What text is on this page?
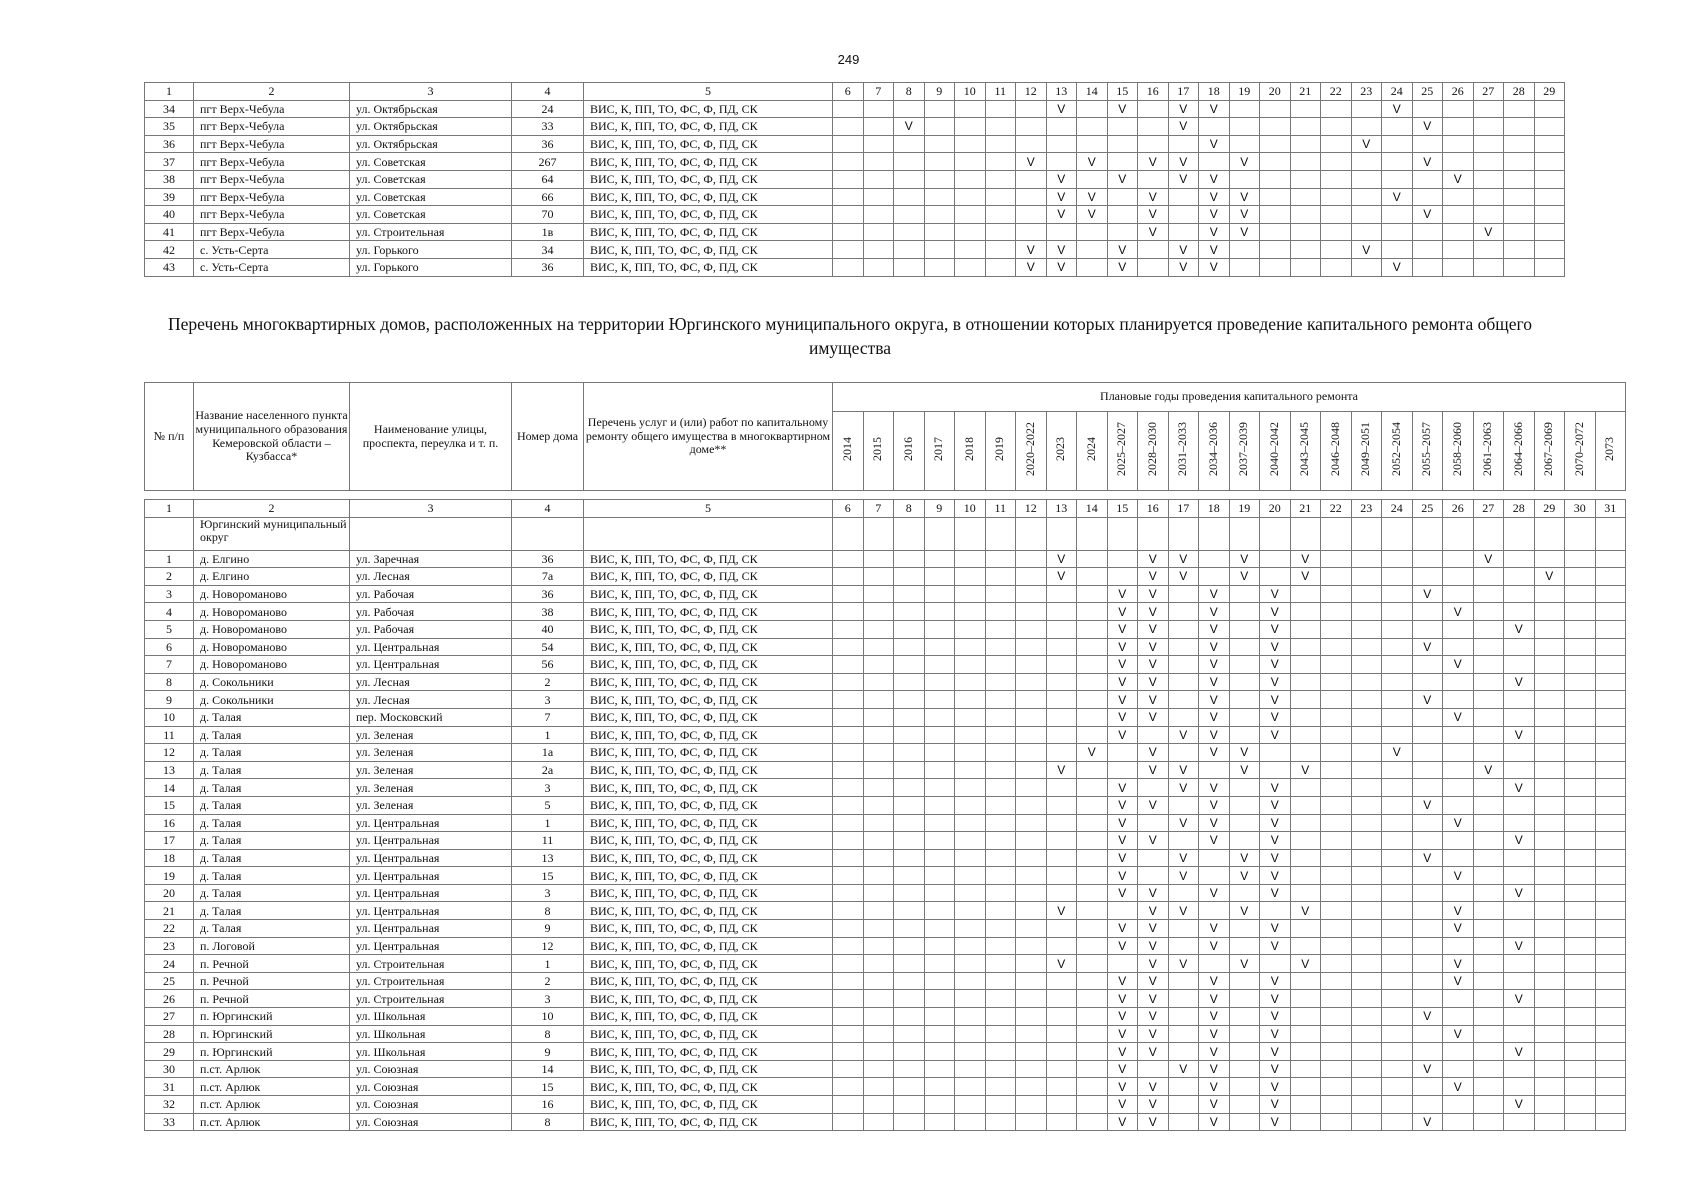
249
1	2	3	4	5	6	7	8	9	10	11	12	13	14	15	16	17	18	19	20	21	22	23	24	25	26	27	28	29
34	пгт Верх-Чебула	ул. Октябрьская	24	ВИС, К, ПП, ТО, ФС, Ф, ПД, СК								V		V		V	V						V					
35	пгт Верх-Чебула	ул. Октябрьская	33	ВИС, К, ПП, ТО, ФС, Ф, ПД, СК			V									V								V				
36	пгт Верх-Чебула	ул. Октябрьская	36	ВИС, К, ПП, ТО, ФС, Ф, ПД, СК													V					V						
37	пгт Верх-Чебула	ул. Советская	267	ВИС, К, ПП, ТО, ФС, Ф, ПД, СК							V		V		V	V		V						V				
38	пгт Верх-Чебула	ул. Советская	64	ВИС, К, ПП, ТО, ФС, Ф, ПД, СК								V		V		V	V								V			
39	пгт Верх-Чебула	ул. Советская	66	ВИС, К, ПП, ТО, ФС, Ф, ПД, СК								V	V		V		V	V					V					
40	пгт Верх-Чебула	ул. Советская	70	ВИС, К, ПП, ТО, ФС, Ф, ПД, СК								V	V		V		V	V						V				
41	пгт Верх-Чебула	ул. Строительная	1в	ВИС, К, ПП, ТО, ФС, Ф, ПД, СК											V		V	V								V		
42	с. Усть-Серта	ул. Горького	34	ВИС, К, ПП, ТО, ФС, Ф, ПД, СК							V	V		V		V	V					V						
43	с. Усть-Серта	ул. Горького	36	ВИС, К, ПП, ТО, ФС, Ф, ПД, СК							V	V		V		V	V						V					
Перечень многоквартирных домов, расположенных на территории Юргинского муниципального округа, в отношении которых планируется проведение капитального ремонта общего имущества
№ п/п	Название населенного пункта муниципального образования Кемеровской области – Кузбасса*	Наименование улицы, проспекта, переулка и т. п.	Номер дома	Перечень услуг и (или) работ по капитальному ремонту общего имущества в многоквартирном доме**	Плановые годы проведения капитального ремонта																									
					2014	2015	2016	2017	2018	2019	2020–2022	2023	2024	2025–2027	2028–2030	2031–2033	2034–2036	2037–2039	2040–2042	2043–2045	2046–2048	2049–2051	2052–2054	2055–2057	2058–2060	2061–2063	2064–2066	2067–2069	2070–2072	2073

1	2	3	4	5	6	7	8	9	10	11	12	13	14	15	16	17	18	19	20	21	22	23	24	25	26	27	28	29	30	31
	Юргинский муниципальный округ																													
1	д. Елгино	ул. Заречная	36	ВИС, К, ПП, ТО, ФС, Ф, ПД, СК								V			V	V		V		V						V				
2	д. Елгино	ул. Лесная	7а	ВИС, К, ПП, ТО, ФС, Ф, ПД, СК								V			V	V		V		V								V		
3	д. Новороманово	ул. Рабочая	36	ВИС, К, ПП, ТО, ФС, Ф, ПД, СК										V	V		V		V					V						
4	д. Новороманово	ул. Рабочая	38	ВИС, К, ПП, ТО, ФС, Ф, ПД, СК										V	V		V		V						V					
5	д. Новороманово	ул. Рабочая	40	ВИС, К, ПП, ТО, ФС, Ф, ПД, СК										V	V		V		V								V			
6	д. Новороманово	ул. Центральная	54	ВИС, К, ПП, ТО, ФС, Ф, ПД, СК										V	V		V		V					V						
7	д. Новороманово	ул. Центральная	56	ВИС, К, ПП, ТО, ФС, Ф, ПД, СК										V	V		V		V						V					
8	д. Сокольники	ул. Лесная	2	ВИС, К, ПП, ТО, ФС, Ф, ПД, СК										V	V		V		V								V			
9	д. Сокольники	ул. Лесная	3	ВИС, К, ПП, ТО, ФС, Ф, ПД, СК										V	V		V		V					V						
10	д. Талая	пер. Московский	7	ВИС, К, ПП, ТО, ФС, Ф, ПД, СК										V	V		V		V						V					
11	д. Талая	ул. Зеленая	1	ВИС, К, ПП, ТО, ФС, Ф, ПД, СК										V		V	V		V								V			
12	д. Талая	ул. Зеленая	1а	ВИС, К, ПП, ТО, ФС, Ф, ПД, СК									V		V		V	V					V							
13	д. Талая	ул. Зеленая	2а	ВИС, К, ПП, ТО, ФС, Ф, ПД, СК								V			V	V		V		V						V				
14	д. Талая	ул. Зеленая	3	ВИС, К, ПП, ТО, ФС, Ф, ПД, СК										V		V	V		V								V			
15	д. Талая	ул. Зеленая	5	ВИС, К, ПП, ТО, ФС, Ф, ПД, СК										V	V		V		V					V						
16	д. Талая	ул. Центральная	1	ВИС, К, ПП, ТО, ФС, Ф, ПД, СК										V		V	V		V						V					
17	д. Талая	ул. Центральная	11	ВИС, К, ПП, ТО, ФС, Ф, ПД, СК										V	V		V		V								V			
18	д. Талая	ул. Центральная	13	ВИС, К, ПП, ТО, ФС, Ф, ПД, СК										V		V		V	V					V						
19	д. Талая	ул. Центральная	15	ВИС, К, ПП, ТО, ФС, Ф, ПД, СК										V		V		V	V						V					
20	д. Талая	ул. Центральная	3	ВИС, К, ПП, ТО, ФС, Ф, ПД, СК										V	V		V		V								V			
21	д. Талая	ул. Центральная	8	ВИС, К, ПП, ТО, ФС, Ф, ПД, СК								V			V	V		V		V					V					
22	д. Талая	ул. Центральная	9	ВИС, К, ПП, ТО, ФС, Ф, ПД, СК										V	V		V		V						V					
23	п. Логовой	ул. Центральная	12	ВИС, К, ПП, ТО, ФС, Ф, ПД, СК										V	V		V		V								V			
24	п. Речной	ул. Строительная	1	ВИС, К, ПП, ТО, ФС, Ф, ПД, СК								V			V	V		V		V					V					
25	п. Речной	ул. Строительная	2	ВИС, К, ПП, ТО, ФС, Ф, ПД, СК										V	V		V		V						V					
26	п. Речной	ул. Строительная	3	ВИС, К, ПП, ТО, ФС, Ф, ПД, СК										V	V		V		V								V			
27	п. Юргинский	ул. Школьная	10	ВИС, К, ПП, ТО, ФС, Ф, ПД, СК										V	V		V		V					V						
28	п. Юргинский	ул. Школьная	8	ВИС, К, ПП, ТО, ФС, Ф, ПД, СК										V	V		V		V						V					
29	п. Юргинский	ул. Школьная	9	ВИС, К, ПП, ТО, ФС, Ф, ПД, СК										V	V		V		V								V			
30	п.ст. Арлюк	ул. Союзная	14	ВИС, К, ПП, ТО, ФС, Ф, ПД, СК										V		V	V		V					V						
31	п.ст. Арлюк	ул. Союзная	15	ВИС, К, ПП, ТО, ФС, Ф, ПД, СК										V	V		V		V						V					
32	п.ст. Арлюк	ул. Союзная	16	ВИС, К, ПП, ТО, ФС, Ф, ПД, СК										V	V		V		V								V			
33	п.ст. Арлюк	ул. Союзная	8	ВИС, К, ПП, ТО, ФС, Ф, ПД, СК										V	V		V		V					V						
